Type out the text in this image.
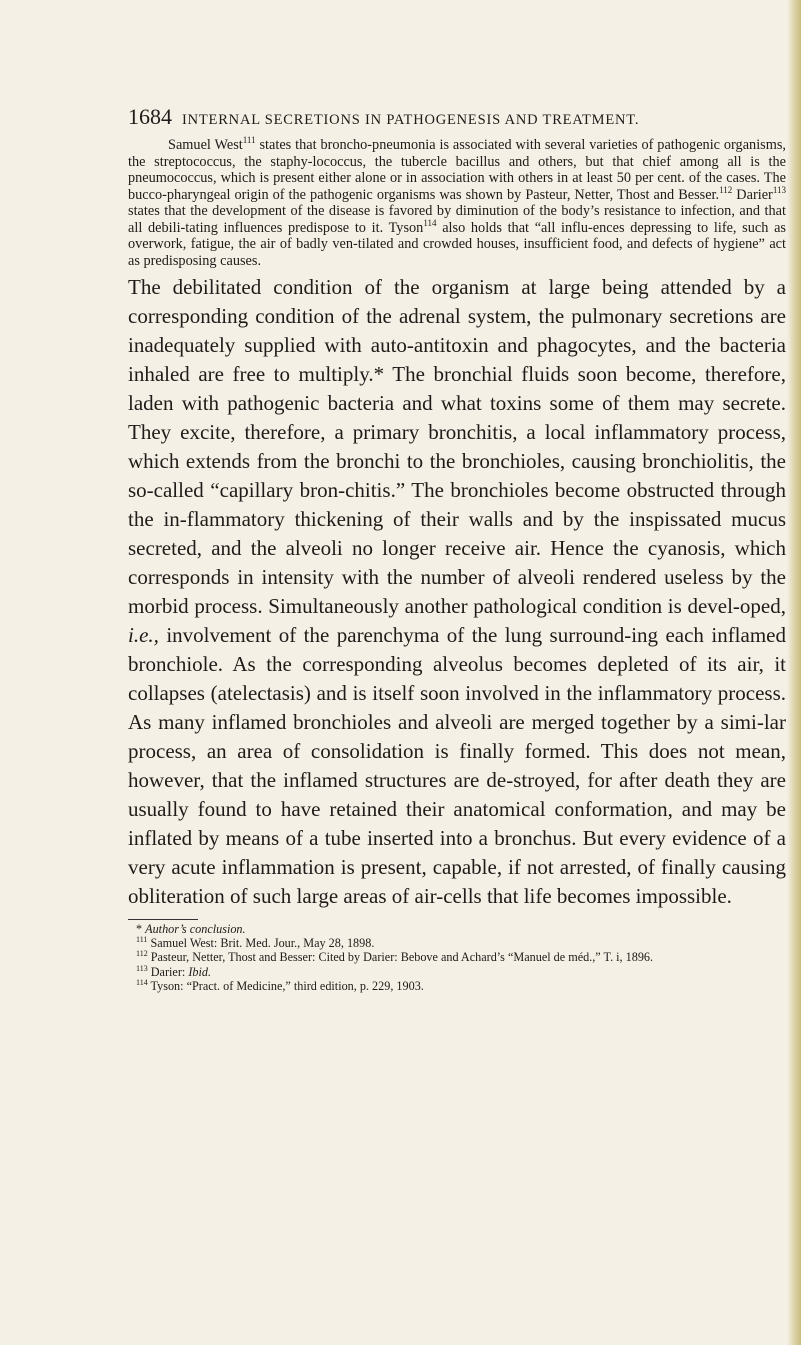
1684 INTERNAL SECRETIONS IN PATHOGENESIS AND TREATMENT.

Samuel West$^{111}$ states that broncho-pneumonia is associated with several varieties of pathogenic organisms, the streptococcus, the staphy-lococcus, the tubercle bacillus and others, but that chief among all is the pneumococcus, which is present either alone or in association with others in at least 50 per cent. of the cases. The bucco-pharyngeal origin of the pathogenic organisms was shown by Pasteur, Netter, Thost and Besser.$^{112}$ Darier$^{113}$ states that the development of the disease is favored by diminution of the body’s resistance to infection, and that all debili-tating influences predispose to it. Tyson$^{114}$ also holds that “all influ-ences depressing to life, such as overwork, fatigue, the air of badly ven-tilated and crowded houses, insufficient food, and defects of hygiene” act as predisposing causes.

The debilitated condition of the organism at large being attended by a corresponding condition of the adrenal system, the pulmonary secretions are inadequately supplied with auto-antitoxin and phagocytes, and the bacteria inhaled are free to multiply.* The bronchial fluids soon become, therefore, laden with pathogenic bacteria and what toxins some of them may secrete. They excite, therefore, a primary bronchitis, a local inflammatory process, which extends from the bronchi to the bronchioles, causing bronchiolitis, the so-called “capillary bron-chitis.” The bronchioles become obstructed through the in-flammatory thickening of their walls and by the inspissated mucus secreted, and the alveoli no longer receive air. Hence the cyanosis, which corresponds in intensity with the number of alveoli rendered useless by the morbid process. Simultaneously another pathological condition is devel-oped, i.e., involvement of the parenchyma of the lung surround-ing each inflamed bronchiole. As the corresponding alveolus becomes depleted of its air, it collapses (atelectasis) and is itself soon involved in the inflammatory process. As many inflamed bronchioles and alveoli are merged together by a simi-lar process, an area of consolidation is finally formed. This does not mean, however, that the inflamed structures are de-stroyed, for after death they are usually found to have retained their anatomical conformation, and may be inflated by means of a tube inserted into a bronchus. But every evidence of a very acute inflammation is present, capable, if not arrested, of finally causing obliteration of such large areas of air-cells that life becomes impossible.

* Author’s conclusion.

$^{111}$ Samuel West: Brit. Med. Jour., May 28, 1898.

$^{112}$ Pasteur, Netter, Thost and Besser: Cited by Darier: Bebove and Achard’s “Manuel de méd.,” T. i, 1896.

$^{113}$ Darier: Ibid.

$^{114}$ Tyson: “Pract. of Medicine,” third edition, p. 229, 1903.
